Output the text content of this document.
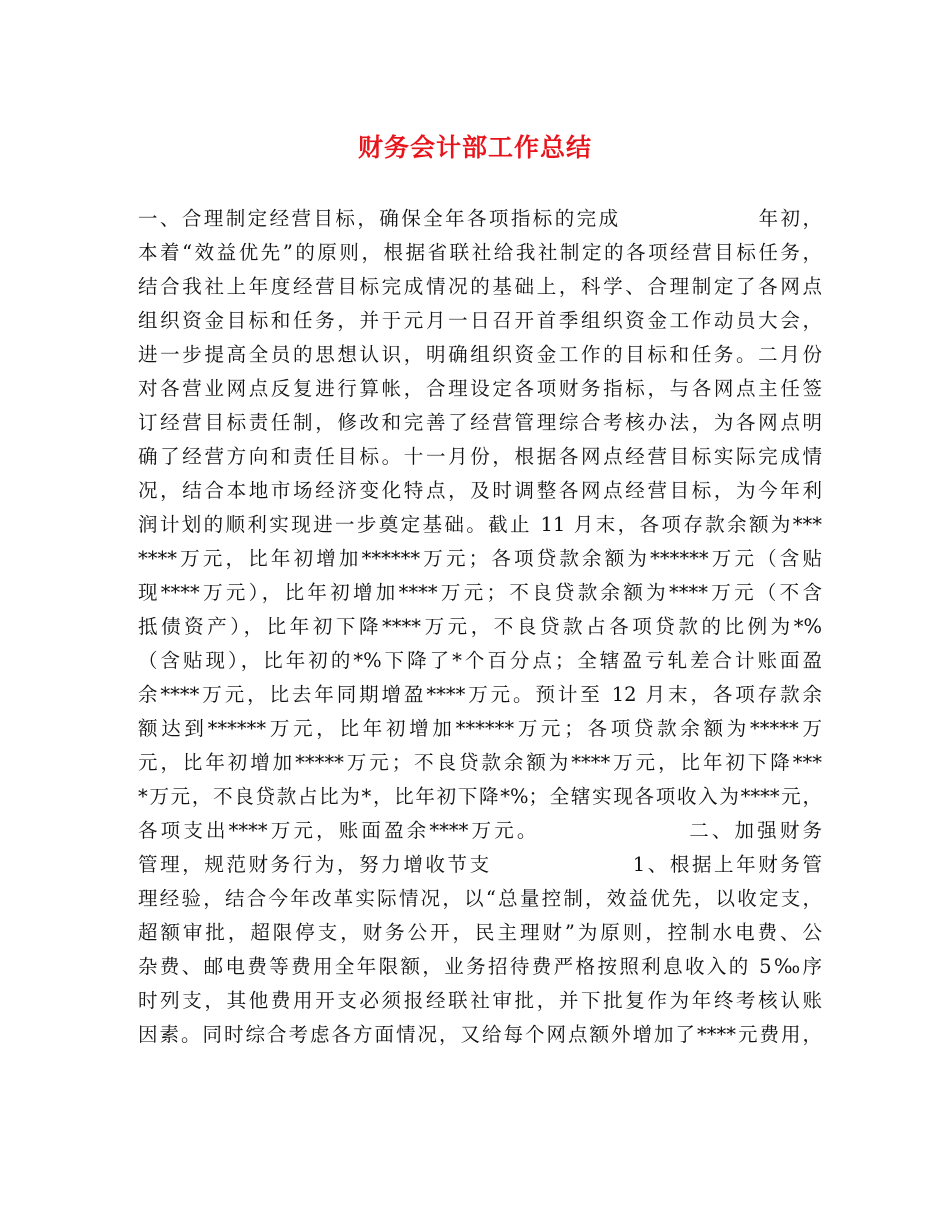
财务会计部工作总结
一、合理制定经营目标，确保全年各项指标的完成                年初，
本着“效益优先”的原则，根据省联社给我社制定的各项经营目标任务，
结合我社上年度经营目标完成情况的基础上，科学、合理制定了各网点
组织资金目标和任务，并于元月一日召开首季组织资金工作动员大会，
进一步提高全员的思想认识，明确组织资金工作的目标和任务。二月份
对各营业网点反复进行算帐，合理设定各项财务指标，与各网点主任签
订经营目标责任制，修改和完善了经营管理综合考核办法，为各网点明
确了经营方向和责任目标。十一月份，根据各网点经营目标实际完成情
况，结合本地市场经济变化特点，及时调整各网点经营目标，为今年利
润计划的顺利实现进一步奠定基础。截止 11 月末，各项存款余额为***
****万元，比年初增加******万元；各项贷款余额为******万元（含贴
现****万元），比年初增加****万元；不良贷款余额为****万元（不含
抵债资产），比年初下降****万元，不良贷款占各项贷款的比例为*%
（含贴现），比年初的*%下降了*个百分点；全辖盈亏轧差合计账面盈
余****万元，比去年同期增盈****万元。预计至 12 月末，各项存款余
额达到******万元，比年初增加******万元；各项贷款余额为*****万
元，比年初增加*****万元；不良贷款余额为****万元，比年初下降***
*万元，不良贷款占比为*，比年初下降*%；全辖实现各项收入为****元，
各项支出****万元，账面盈余****万元。                二、加强财务
管理，规范财务行为，努力增收节支                1、根据上年财务管
理经验，结合今年改革实际情况，以“总量控制，效益优先，以收定支，
超额审批，超限停支，财务公开，民主理财”为原则，控制水电费、公
杂费、邮电费等费用全年限额，业务招待费严格按照利息收入的 5‰序
时列支，其他费用开支必须报经联社审批，并下批复作为年终考核认账
因素。同时综合考虑各方面情况，又给每个网点额外增加了****元费用，
